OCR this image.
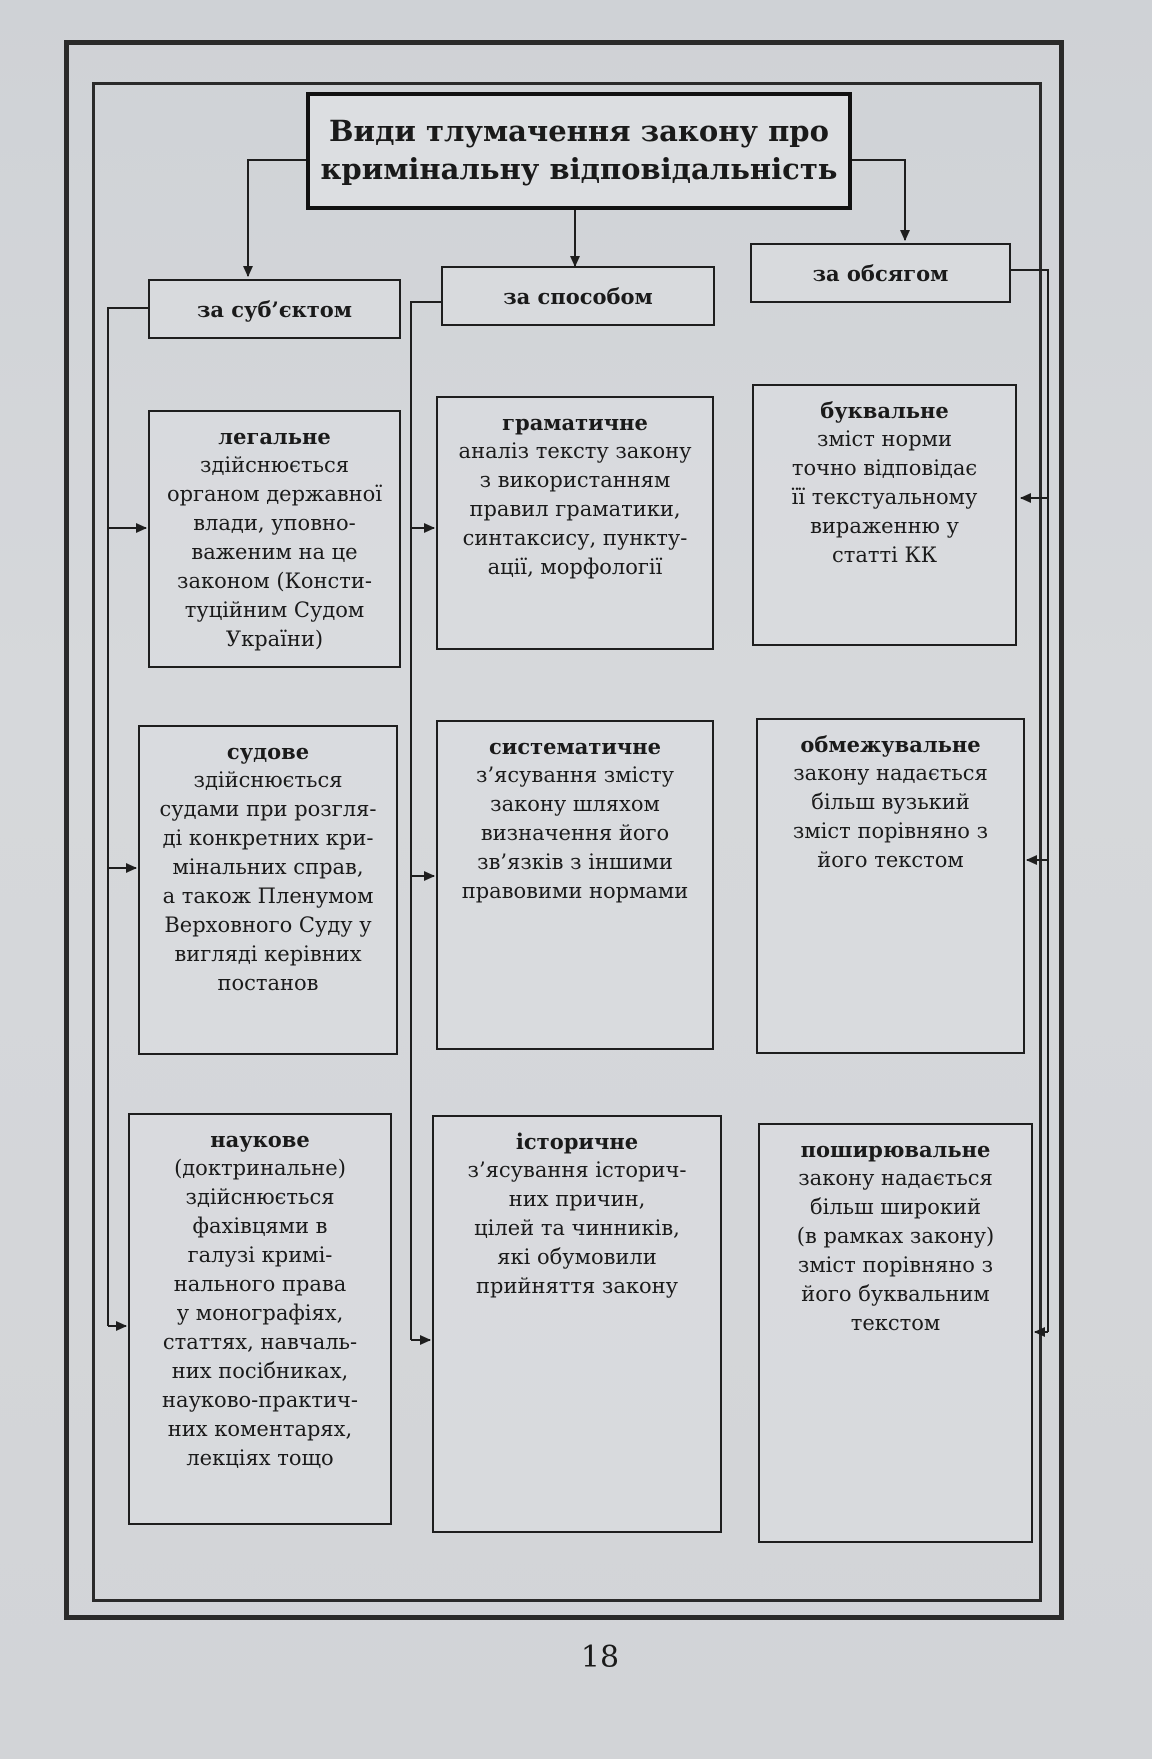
Види тлумачення закону про
кримінальну відповідальність
за суб’єктом
за способом
за обсягом
легальне
здійснюється
органом державної
влади, уповно-
важеним на це
законом (Консти-
туційним Судом
України)
судове
здійснюється
судами при розгля-
ді конкретних кри-
мінальних справ,
а також Пленумом
Верховного Суду у
вигляді керівних
постанов
наукове
(доктринальне)
здійснюється
фахівцями в
галузі кримі-
нального права
у монографіях,
статтях, навчаль-
них посібниках,
науково-практич-
них коментарях,
лекціях тощо
граматичне
аналіз тексту закону
з використанням
правил граматики,
синтаксису, пункту-
ації, морфології
систематичне
з’ясування змісту
закону шляхом
визначення його
зв’язків з іншими
правовими нормами
історичне
з’ясування історич-
них причин,
цілей та чинників,
які обумовили
прийняття закону
буквальне
зміст норми
точно відповідає
її текстуальному
вираженню у
статті КК
обмежувальне
закону надається
більш вузький
зміст порівняно з
його текстом
поширювальне
закону надається
більш широкий
(в рамках закону)
зміст порівняно з
його буквальним
текстом
18
